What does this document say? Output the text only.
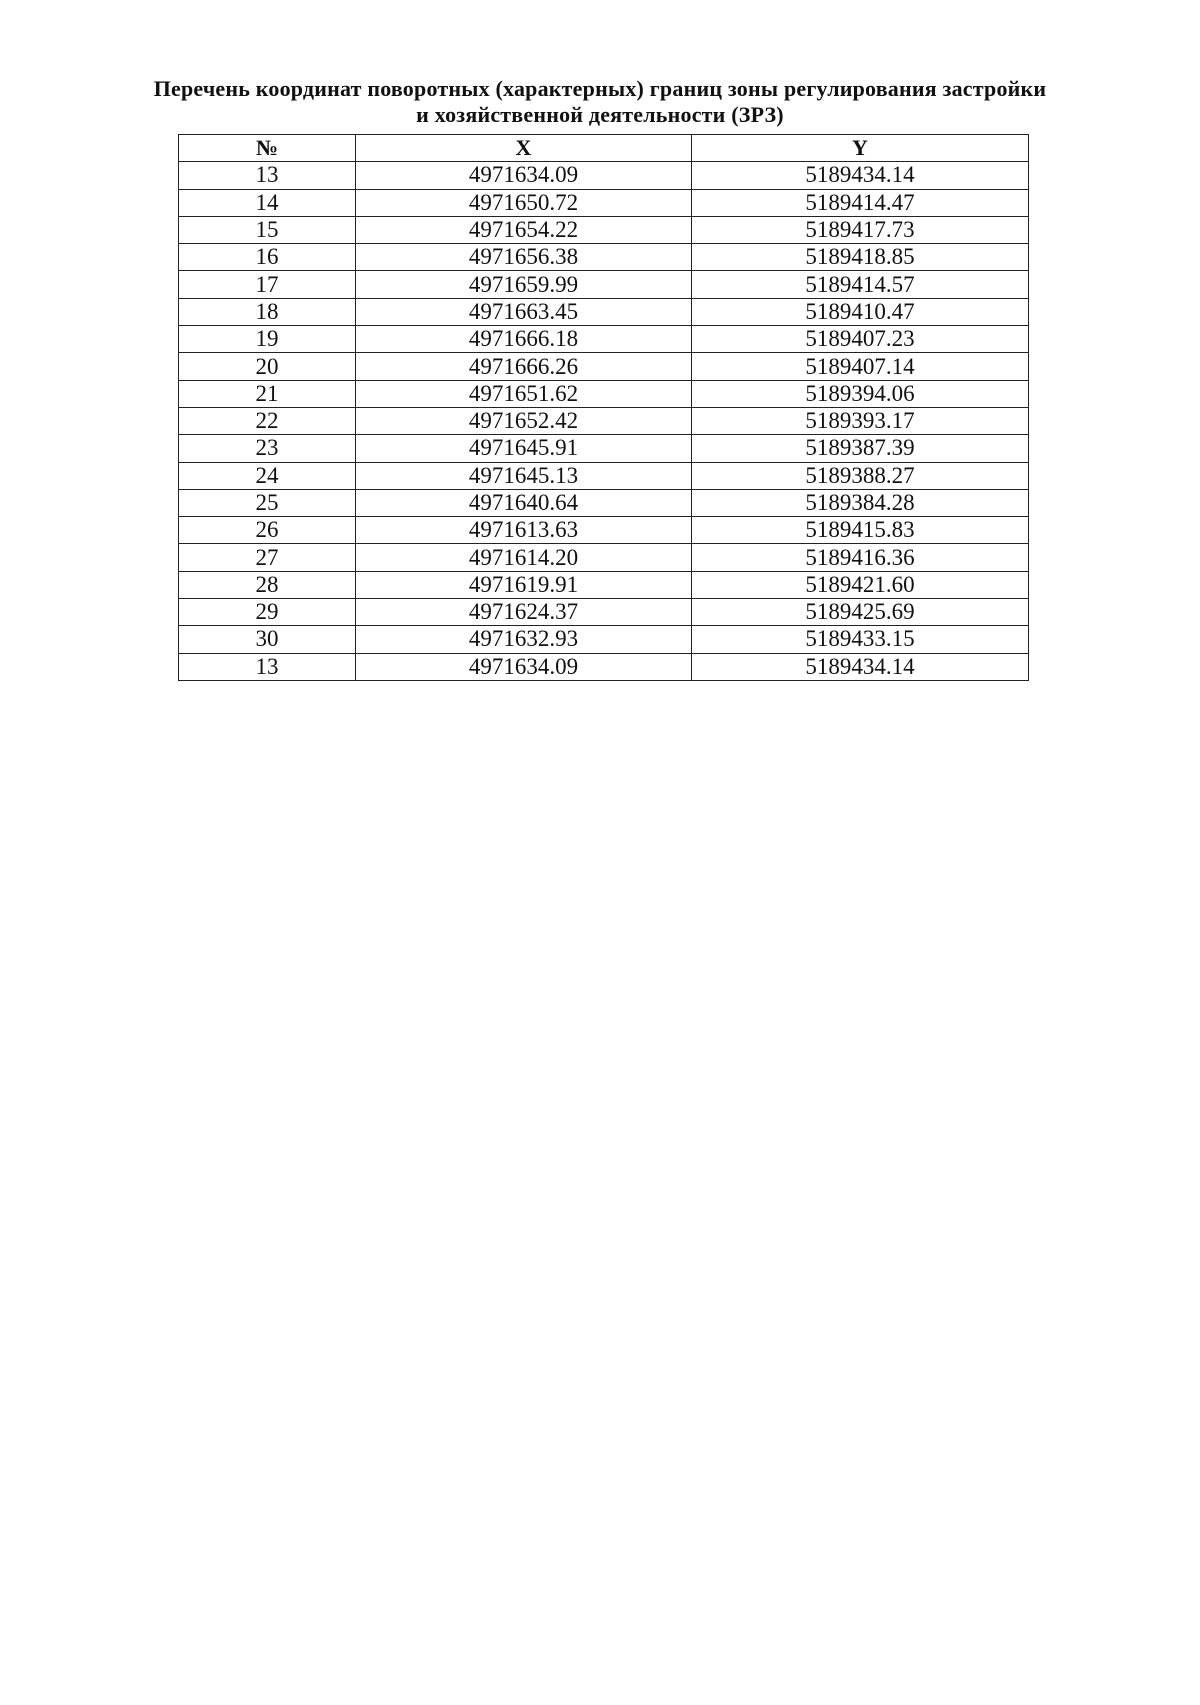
Перечень координат поворотных (характерных) границ зоны регулирования застройки
и хозяйственной деятельности (ЗРЗ)
№	X	Y
13	4971634.09	5189434.14
14	4971650.72	5189414.47
15	4971654.22	5189417.73
16	4971656.38	5189418.85
17	4971659.99	5189414.57
18	4971663.45	5189410.47
19	4971666.18	5189407.23
20	4971666.26	5189407.14
21	4971651.62	5189394.06
22	4971652.42	5189393.17
23	4971645.91	5189387.39
24	4971645.13	5189388.27
25	4971640.64	5189384.28
26	4971613.63	5189415.83
27	4971614.20	5189416.36
28	4971619.91	5189421.60
29	4971624.37	5189425.69
30	4971632.93	5189433.15
13	4971634.09	5189434.14
